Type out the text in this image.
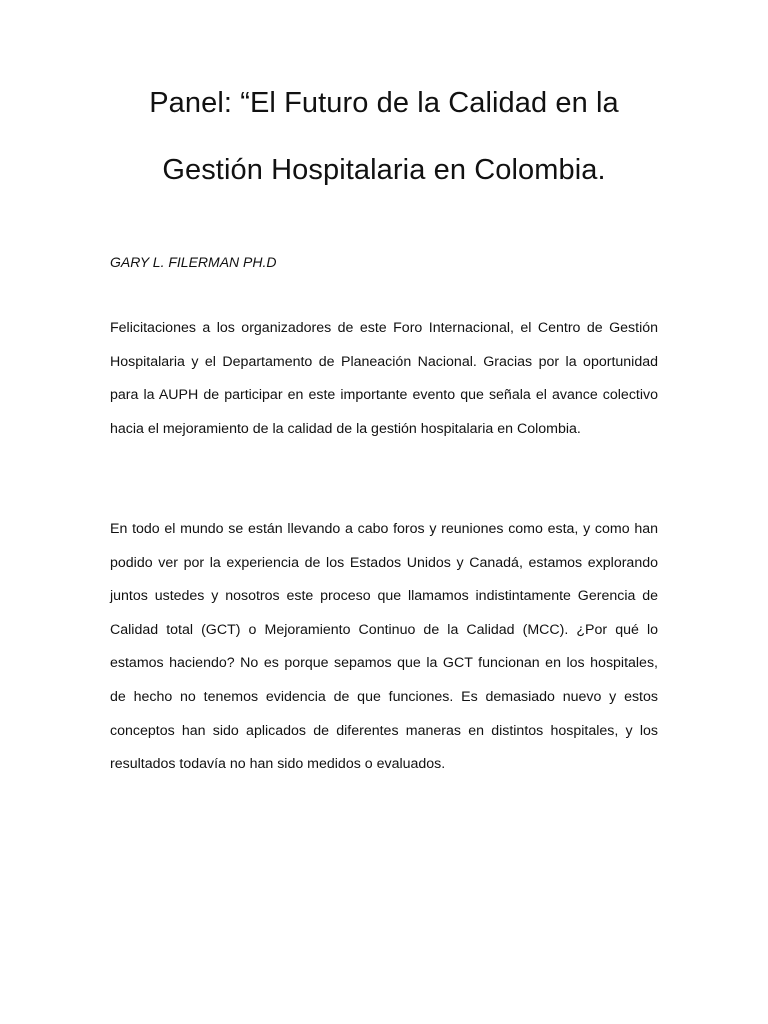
Panel: “El Futuro de la Calidad en la
Gestión Hospitalaria en Colombia.

GARY L. FILERMAN PH.D

Felicitaciones a los organizadores de este Foro Internacional, el Centro de Gestión Hospitalaria y el Departamento de Planeación Nacional. Gracias por la oportunidad para la AUPH de participar en este importante evento que señala el avance colectivo hacia el mejoramiento de la calidad de la gestión hospitalaria en Colombia.

En todo el mundo se están llevando a cabo foros y reuniones como esta, y como han podido ver por la experiencia de los Estados Unidos y Canadá, estamos explorando juntos ustedes y nosotros este proceso que llamamos indistintamente Gerencia de Calidad total (GCT) o Mejoramiento Continuo de la Calidad (MCC). ¿Por qué lo estamos haciendo? No es porque sepamos que la GCT funcionan en los hospitales, de hecho no tenemos evidencia de que funciones. Es demasiado nuevo y estos conceptos han sido aplicados de diferentes maneras en distintos hospitales, y los resultados todavía no han sido medidos o evaluados.
